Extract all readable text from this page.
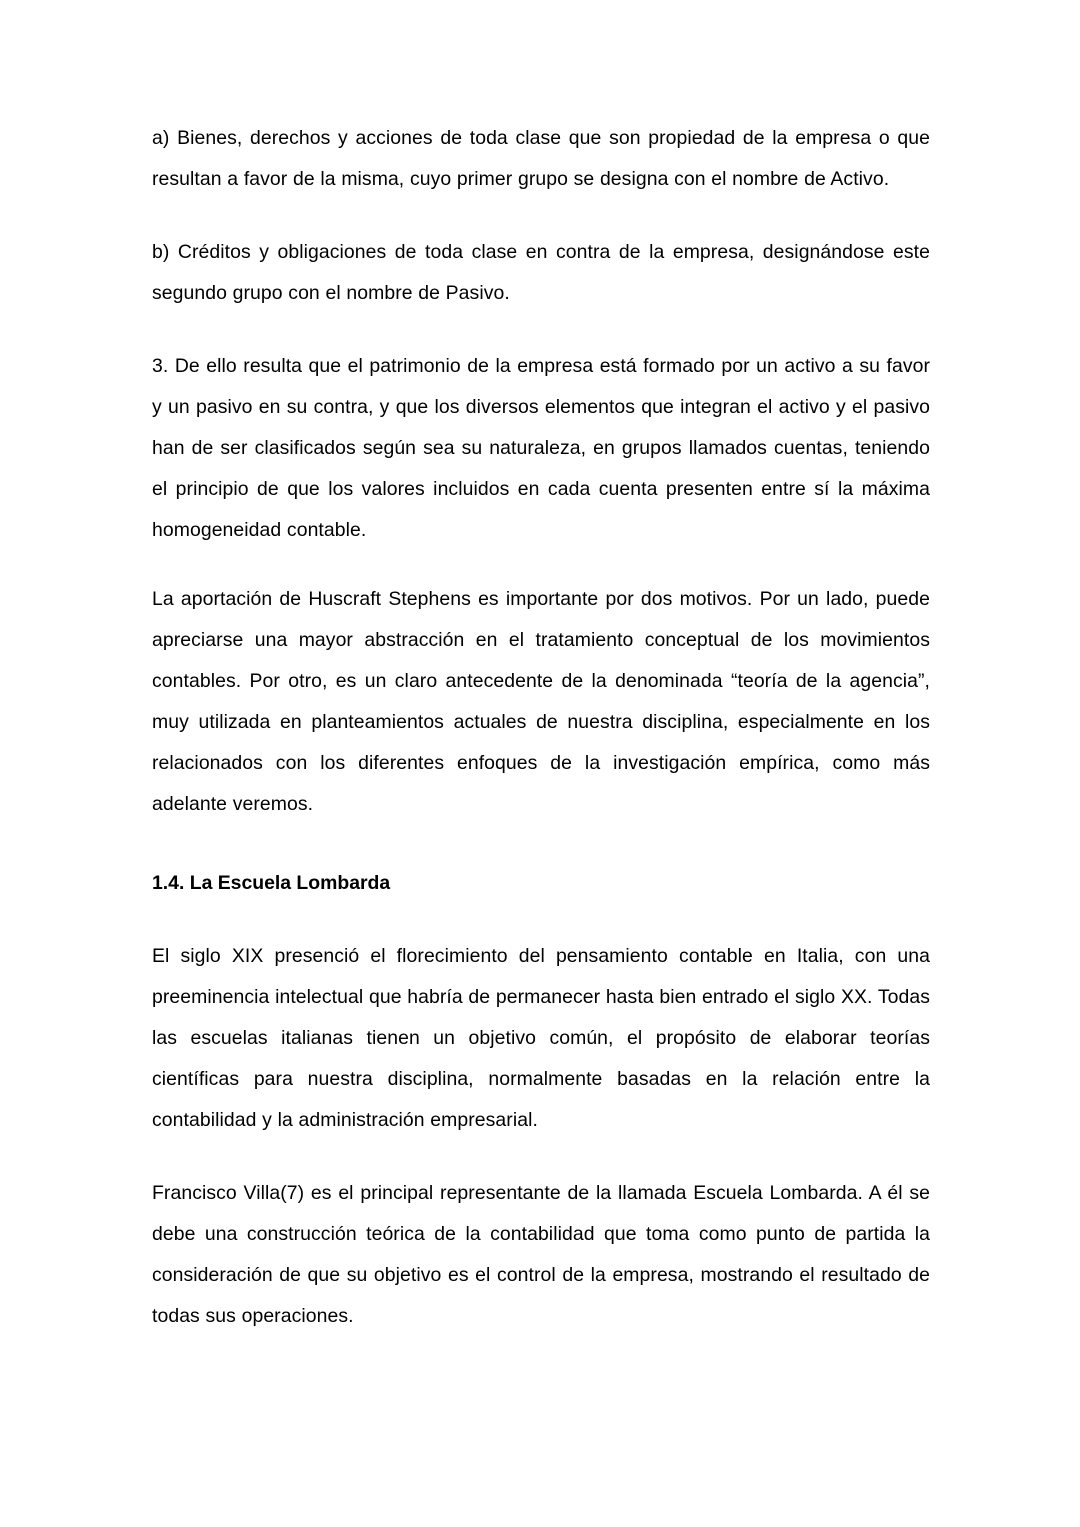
a) Bienes, derechos y acciones de toda clase que son propiedad de la empresa o que resultan a favor de la misma, cuyo primer grupo se designa con el nombre de Activo.

b) Créditos y obligaciones de toda clase en contra de la empresa, designándose este segundo grupo con el nombre de Pasivo.

3. De ello resulta que el patrimonio de la empresa está formado por un activo a su favor y un pasivo en su contra, y que los diversos elementos que integran el activo y el pasivo han de ser clasificados según sea su naturaleza, en grupos llamados cuentas, teniendo el principio de que los valores incluidos en cada cuenta presenten entre sí la máxima homogeneidad contable.

La aportación de Huscraft Stephens es importante por dos motivos. Por un lado, puede apreciarse una mayor abstracción en el tratamiento conceptual de los movimientos contables. Por otro, es un claro antecedente de la denominada “teoría de la agencia”, muy utilizada en planteamientos actuales de nuestra disciplina, especialmente en los relacionados con los diferentes enfoques de la investigación empírica, como más adelante veremos.

1.4. La Escuela Lombarda

El siglo XIX presenció el florecimiento del pensamiento contable en Italia, con una preeminencia intelectual que habría de permanecer hasta bien entrado el siglo XX. Todas las escuelas italianas tienen un objetivo común, el propósito de elaborar teorías científicas para nuestra disciplina, normalmente basadas en la relación entre la contabilidad y la administración empresarial.

Francisco Villa(7) es el principal representante de la llamada Escuela Lombarda. A él se debe una construcción teórica de la contabilidad que toma como punto de partida la consideración de que su objetivo es el control de la empresa, mostrando el resultado de todas sus operaciones.
